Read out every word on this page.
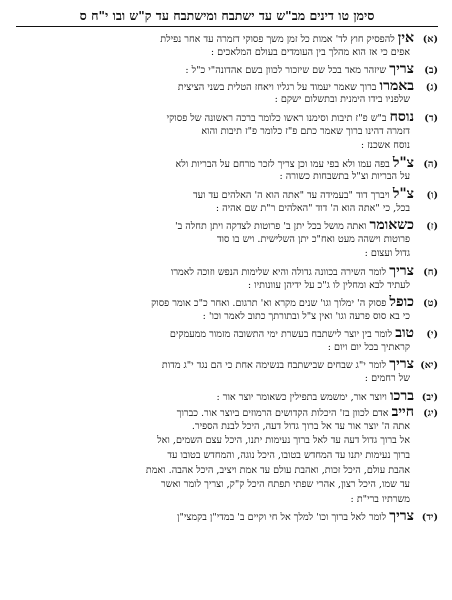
סימן טו דינים מב"ש עד ישתבח ומישתבח עד ק"ש ובו י"ח ס
(א)אין להפסיק חוץ לד' אמות כל זמן משך פסוקי דזמרה עד אחר נפילת
אפים כי אז הוא מהלך בין העומדים בעולם המלאכים :
(ב)צריך שיזהר מאד בכל שם שיזכור לכוון בשם אהדונה"י כ"ל :
(ג)באמרו ברוך שאמר יעמוד על רגליו ויאחז הטלית בשני הציצית
שלפניו בידו הימנית ובתשלום ישקם :
(ד)נוסח ב"ש פ"ז תיבות וסימנו ראשו כלומר ברכה ראשונה של פסוקי
דזמרה דהינו ברוך שאמר כתם פ"ז כלומר פ"ז תיבות והוא
נוסח אשכנז :
(ה)צ"ל בפה עמו ולא בפי עמו וכן צריך לזכר מרחם על הבריות ולא
על הבריות וצ"ל בתשבחות כשורה :
(ו)צ"ל ויברך דוד "בעמידה עד "אתה הוא ה' האלהים עד ועד
בכל, כי "אתה הוא ה' דוד "האלהים ר"ת שם אהיה :
(ז)כשאומר ואתה מושל בכל יתן ב' פרוטות לצדקה ויתן תחלה ב'
פרוטות וישהה מעט ואח"כ יתן השלישית. ויש בו סוד
גדול ועצום :
(ח)צריך לומר השירה בכוונה גדולה והיא שלימות הנפש וזוכה לאמרו
לעתיד לבא ומחלין לו ג"כ על ידיהן עוונותיו :
(ט)כופל פסוק ה' ימלוך וגו' שנים מקרא וא' תרגום. ואחר כ"כ אומר פסוק
כי בא סוס פרעה וגו' ואין צ"ל ובתורתך כתוב לאמר וכו' :
(י)טוב לומר בין יוצר לישתבח בעשרת ימי התשובה מזמור ממעמקים
קראתיך בכל יום ויום :
(יא)צריך לומר י"ג שבחים שבישתבח בנשימה אחת כי הם נגד י"ג מדות
של רחמים :
(יב)ברכו ויוצר אור, ימשמש בתפילין כשאומר יוצר אור :
(יג)חייב אדם לכוון בז' היכלות הקדושים הרמוזים ביוצר אור. כברוך
אתה ה' יוצר אור עד אל ברוך גדול דעה, היכל לבנת הספיר.
אל ברוך גדול דעה עד לאל ברוך נעימות יתנו, היכל עצם השמים, ואל
ברוך נעימות יתנו עד המחדש בטובו, היכל נוגה, והמחדש בטובו עד
אהבת עולם, היכל זכות, ואהבת עולם עד אמת ויציב, היכל אהבה. ואמת
עד שמו, היכל רצון, אהרי שפתי תפתח היכל ק"ק, וצריך לומר ואשר
משרתיו ברי"ת :
(יד)צריך לומר לאל ברוך וכו' למלך אל חי וקיים ב' במדי"ן בקמצי"ן
